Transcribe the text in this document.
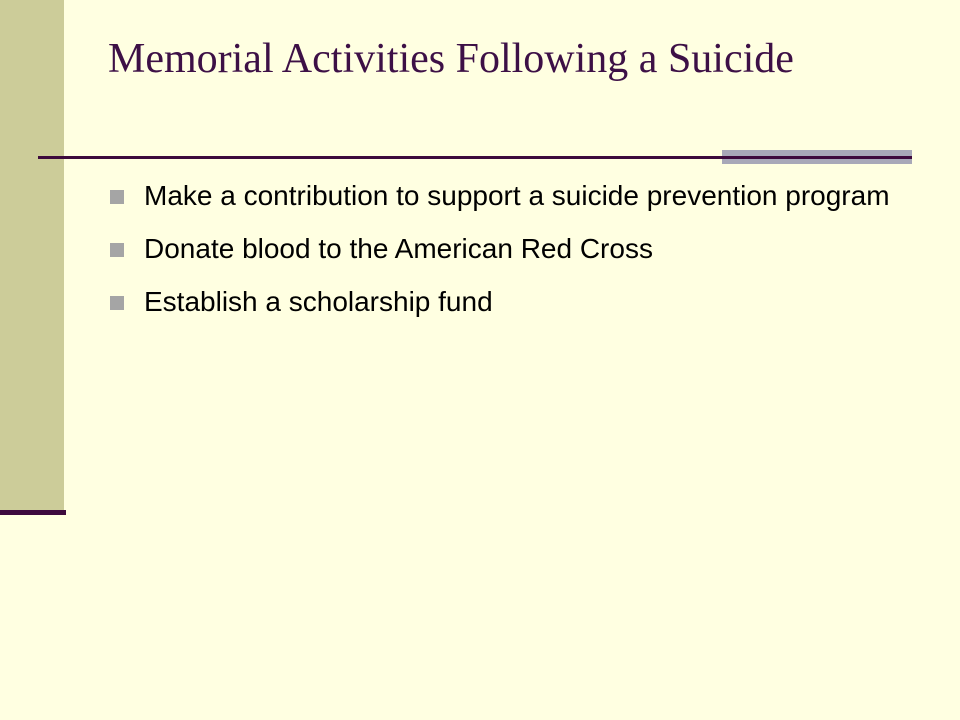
Memorial Activities Following a Suicide
Make a contribution to support a suicide prevention program
Donate blood to the American Red Cross
Establish a scholarship fund
